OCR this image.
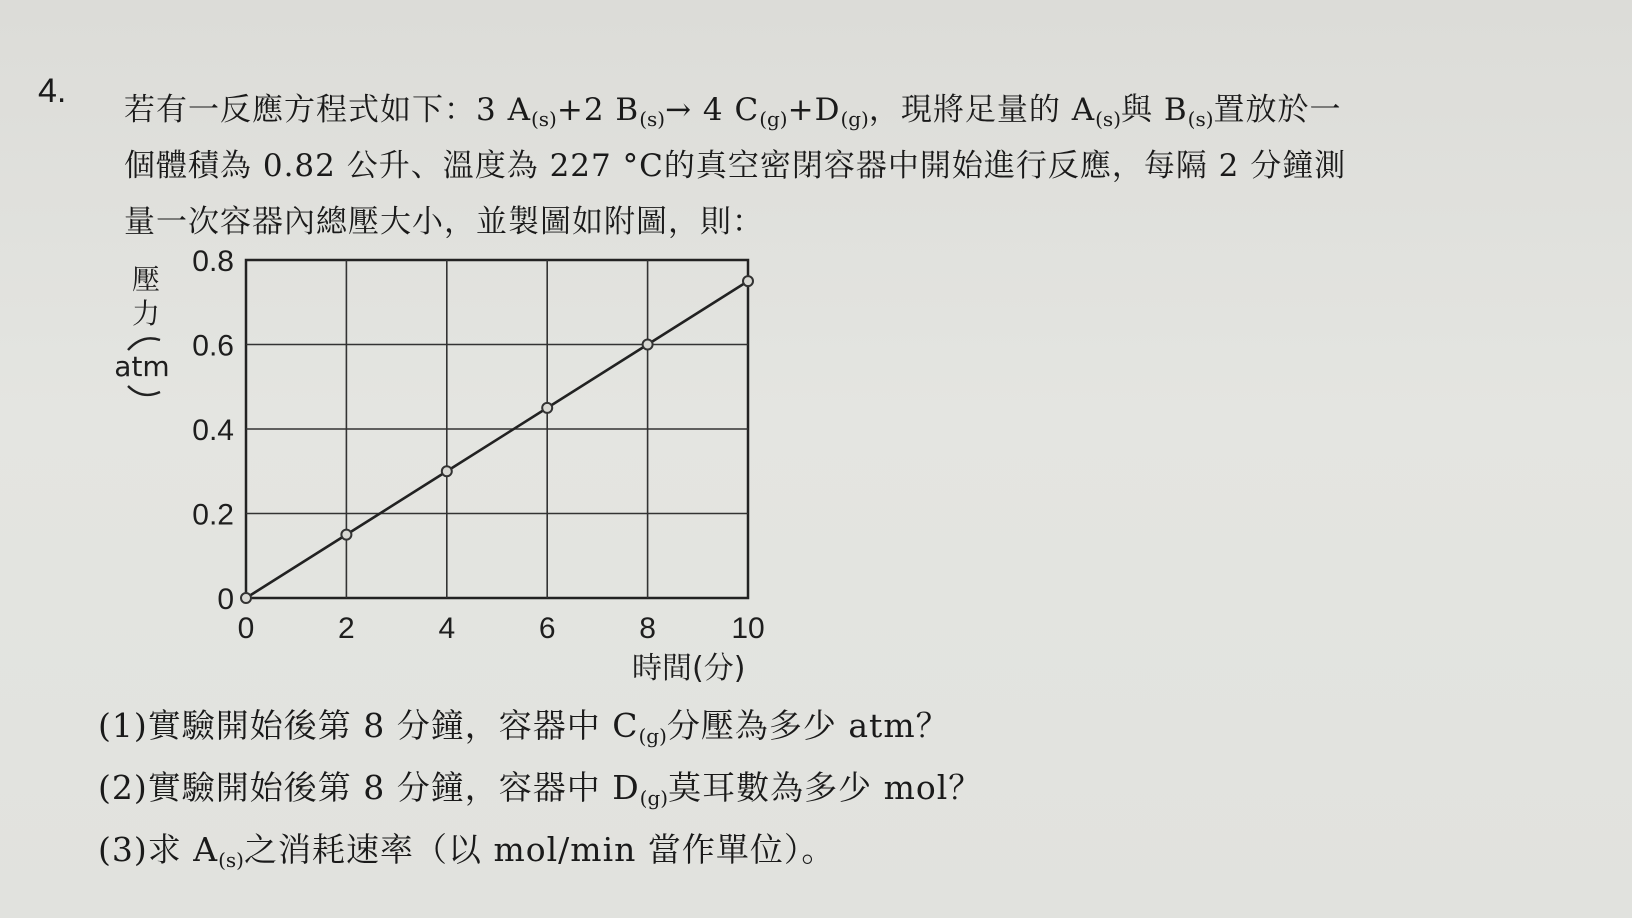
4. 若有一反應方程式如下：3 $A_{(s)}+2$ $B_{(s)}\to 4$ $C_{(g)}+D_{(g)}$，現將足量的 $A_{(s)}$與 $B_{(s)}$置放於一
個體積為 0.82 公升、溫度為 227 °C的真空密閉容器中開始進行反應，每隔 2 分鐘測
量一次容器內總壓大小，並製圖如附圖，則：
0
0.2
0.4
0.6
0.8
0	2	4	6	8	10
壓
力
atm
時間(分)
(1)實驗開始後第 8 分鐘，容器中 $C_{(g)}$分壓為多少 atm？
(2)實驗開始後第 8 分鐘，容器中 $D_{(g)}$莫耳數為多少 mol？
(3)求 $A_{(s)}$之消耗速率（以 mol/min 當作單位）。
